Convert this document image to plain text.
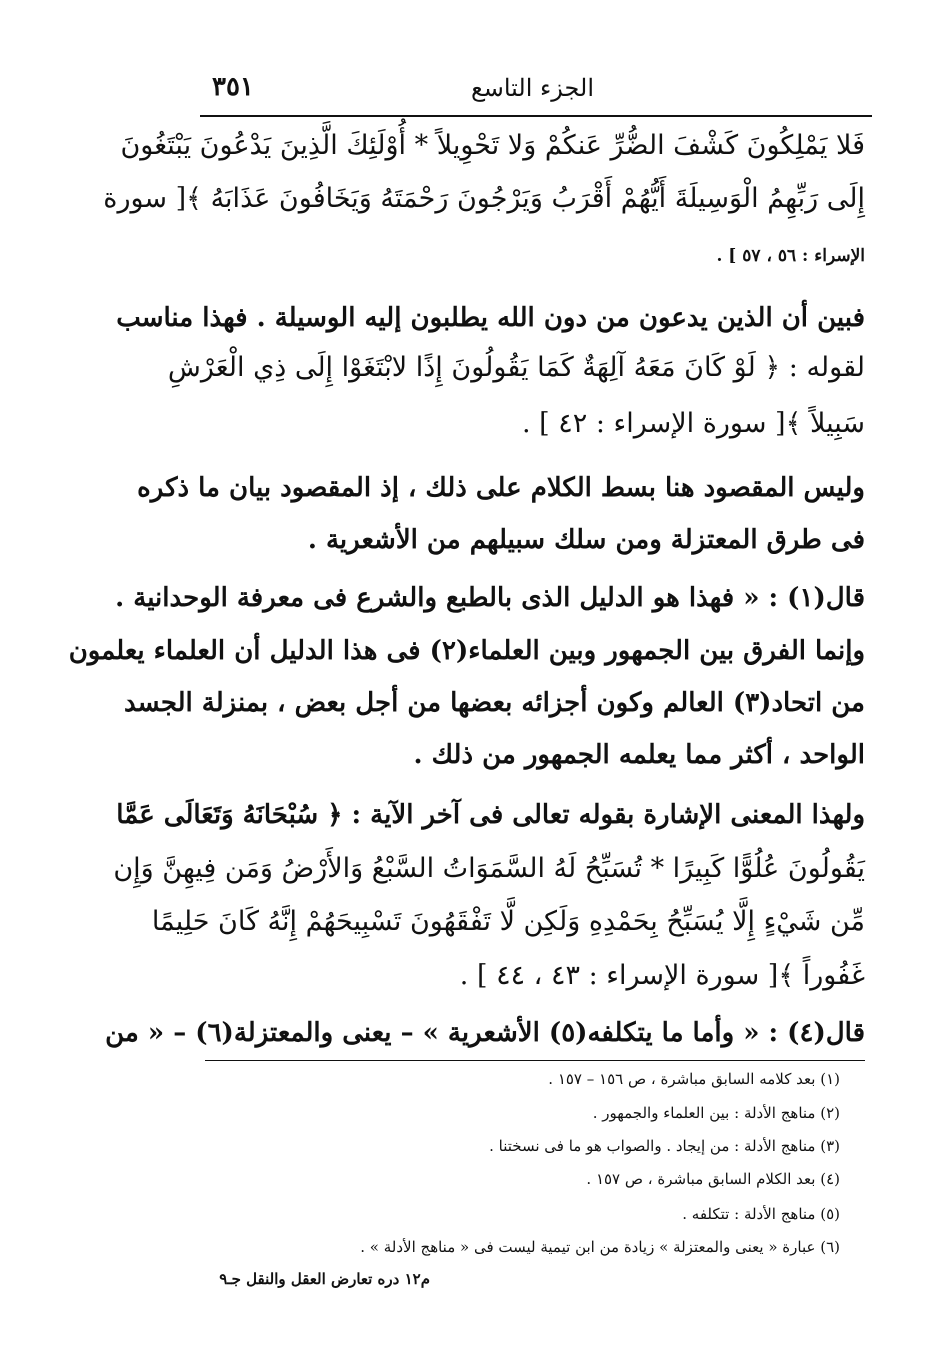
٣٥١	الجزء التاسع
فَلا يَمْلِكُونَ كَشْفَ الضُّرِّ عَنكُمْ وَلا تَحْوِيلاً * أُوْلَئِكَ الَّذِينَ يَدْعُونَ يَبْتَغُونَ
إِلَى رَبِّهِمُ الْوَسِيلَةَ أَيُّهُمْ أَقْرَبُ وَيَرْجُونَ رَحْمَتَهُ وَيَخَافُونَ عَذَابَهُ ﴾[ سورة
الإسراء : ٥٦ ، ٥٧ ] .
فبين أن الذين يدعون من دون الله يطلبون إليه الوسيلة . فهذا مناسب
لقوله : ﴿ لَوْ كَانَ مَعَهُ آلِهَةٌ كَمَا يَقُولُونَ إِذًا لابْتَغَوْا إِلَى ذِي الْعَرْشِ
سَبِيلاً ﴾[ سورة الإسراء : ٤٢ ] .
وليس المقصود هنا بسط الكلام على ذلك ، إذ المقصود بيان ما ذكره
فى طرق المعتزلة ومن سلك سبيلهم من الأشعرية .
قال(١) : « فهذا هو الدليل الذى بالطبع والشرع فى معرفة الوحدانية .
وإنما الفرق بين الجمهور وبين العلماء(٢) فى هذا الدليل أن العلماء يعلمون
من اتحاد(٣) العالم وكون أجزائه بعضها من أجل بعض ، بمنزلة الجسد
الواحد ، أكثر مما يعلمه الجمهور من ذلك .
ولهذا المعنى الإشارة بقوله تعالى فى آخر الآية : ﴿ سُبْحَانَهُ وَتَعَالَى عَمَّا
يَقُولُونَ عُلُوًّا كَبِيرًا * تُسَبِّحُ لَهُ السَّمَوَاتُ السَّبْعُ وَالأَرْضُ وَمَن فِيهِنَّ وَإِن
مِّن شَيْءٍ إِلَّا يُسَبِّحُ بِحَمْدِهِ وَلَكِن لَّا تَفْقَهُونَ تَسْبِيحَهُمْ إِنَّهُ كَانَ حَلِيمًا
غَفُوراً ﴾[ سورة الإسراء : ٤٣ ، ٤٤ ] .
قال(٤) : « وأما ما يتكلفه(٥) الأشعرية » – يعنى والمعتزلة(٦) – « من
(١) بعد كلامه السابق مباشرة ، ص ١٥٦ – ١٥٧ .
(٢) مناهج الأدلة : بين العلماء والجمهور .
(٣) مناهج الأدلة : من إيجاد . والصواب هو ما فى نسختنا .
(٤) بعد الكلام السابق مباشرة ، ص ١٥٧ .
(٥) مناهج الأدلة : تتكلفه .
(٦) عبارة « يعنى والمعتزلة » زيادة من ابن تيمية ليست فى « مناهج الأدلة » .
م١٢ دره تعارض العقل والنقل جـ٩
